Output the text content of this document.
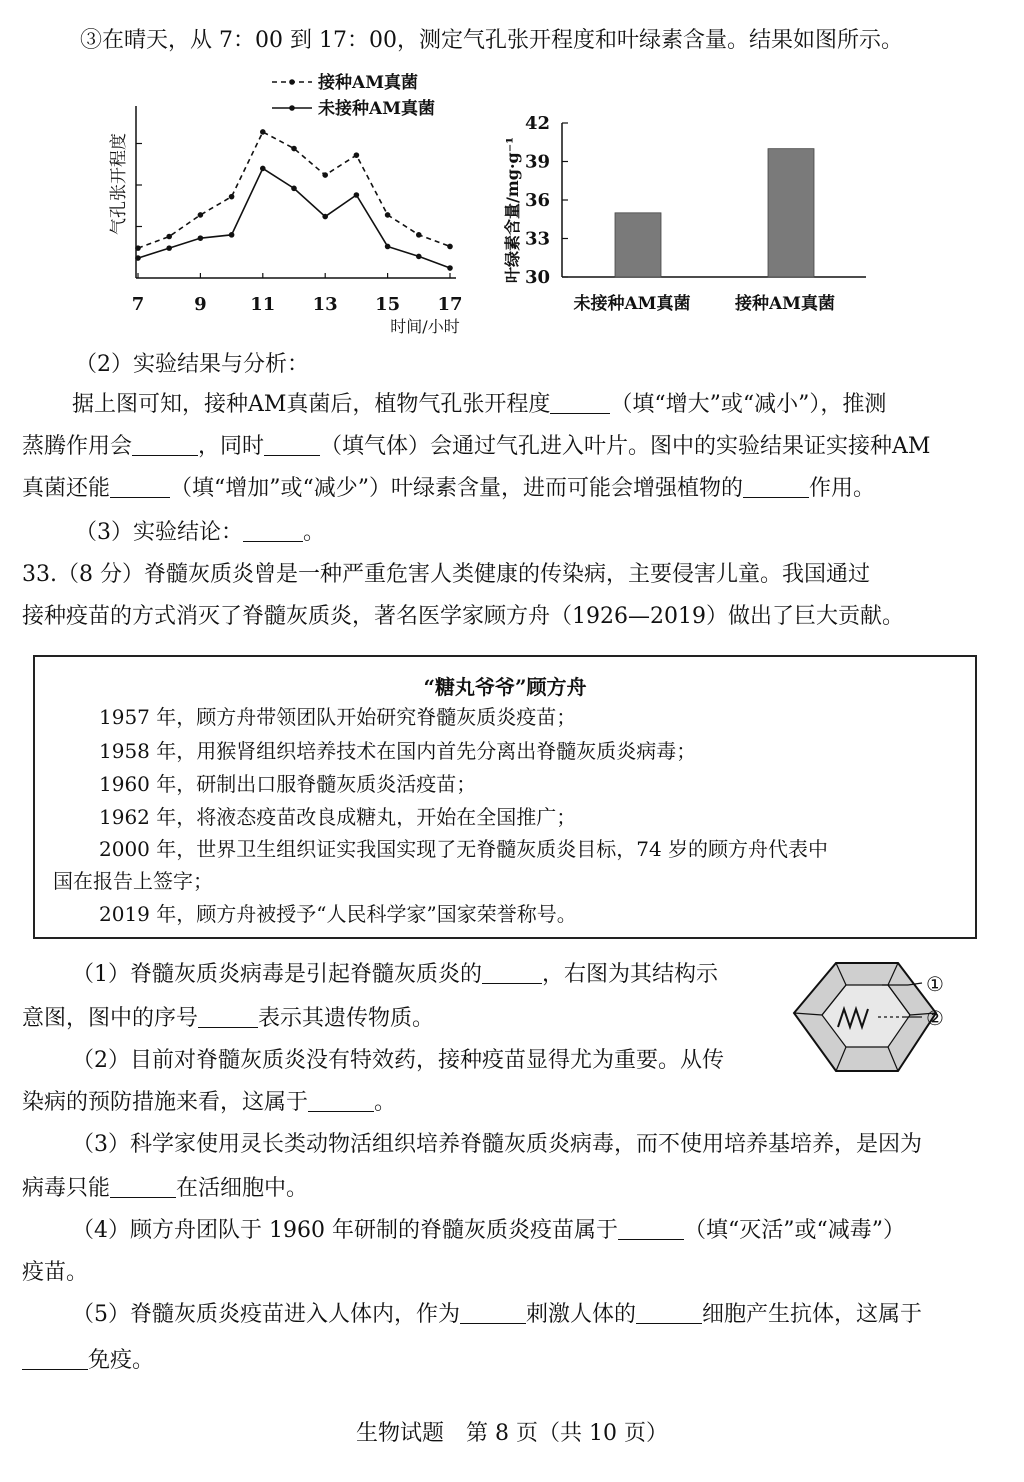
③在晴天，从 7：00 到 17：00，测定气孔张开程度和叶绿素含量。结果如图所示。
接种AM真菌
未接种AM真菌
7	9 11 13 15 17
气孔张开程度
时间/小时
30
33
36
39
42
未接种AM真菌	接种AM真菌
叶绿素含量/mg·g⁻¹
（2）实验结果与分析：
据上图可知，接种AM真菌后，植物气孔张开程度	（填“增大”或“减小”），推测
蒸腾作用会	，同时	（填气体）会通过气孔进入叶片。图中的实验结果证实接种AM
真菌还能	（填“增加”或“减少”）叶绿素含量，进而可能会增强植物的	作用。
（3）实验结论：	。
33.（8 分）脊髓灰质炎曾是一种严重危害人类健康的传染病，主要侵害儿童。我国通过
接种疫苗的方式消灭了脊髓灰质炎，著名医学家顾方舟（1926—2019）做出了巨大贡献。
“糖丸爷爷”顾方舟
1957 年，顾方舟带领团队开始研究脊髓灰质炎疫苗；
1958 年，用猴肾组织培养技术在国内首先分离出脊髓灰质炎病毒；
1960 年，研制出口服脊髓灰质炎活疫苗；
1962 年，将液态疫苗改良成糖丸，开始在全国推广；
2000 年，世界卫生组织证实我国实现了无脊髓灰质炎目标，74 岁的顾方舟代表中
国在报告上签字；
2019 年，顾方舟被授予“人民科学家”国家荣誉称号。
①
②
（1）脊髓灰质炎病毒是引起脊髓灰质炎的	，右图为其结构示
意图，图中的序号	表示其遗传物质。
（2）目前对脊髓灰质炎没有特效药，接种疫苗显得尤为重要。从传
染病的预防措施来看，这属于	。
（3）科学家使用灵长类动物活组织培养脊髓灰质炎病毒，而不使用培养基培养，是因为
病毒只能	在活细胞中。
（4）顾方舟团队于 1960 年研制的脊髓灰质炎疫苗属于	（填“灭活”或“减毒”）
疫苗。
（5）脊髓灰质炎疫苗进入人体内，作为	刺激人体的	细胞产生抗体，这属于
免疫。
生物试题　第 8 页（共 10 页）
